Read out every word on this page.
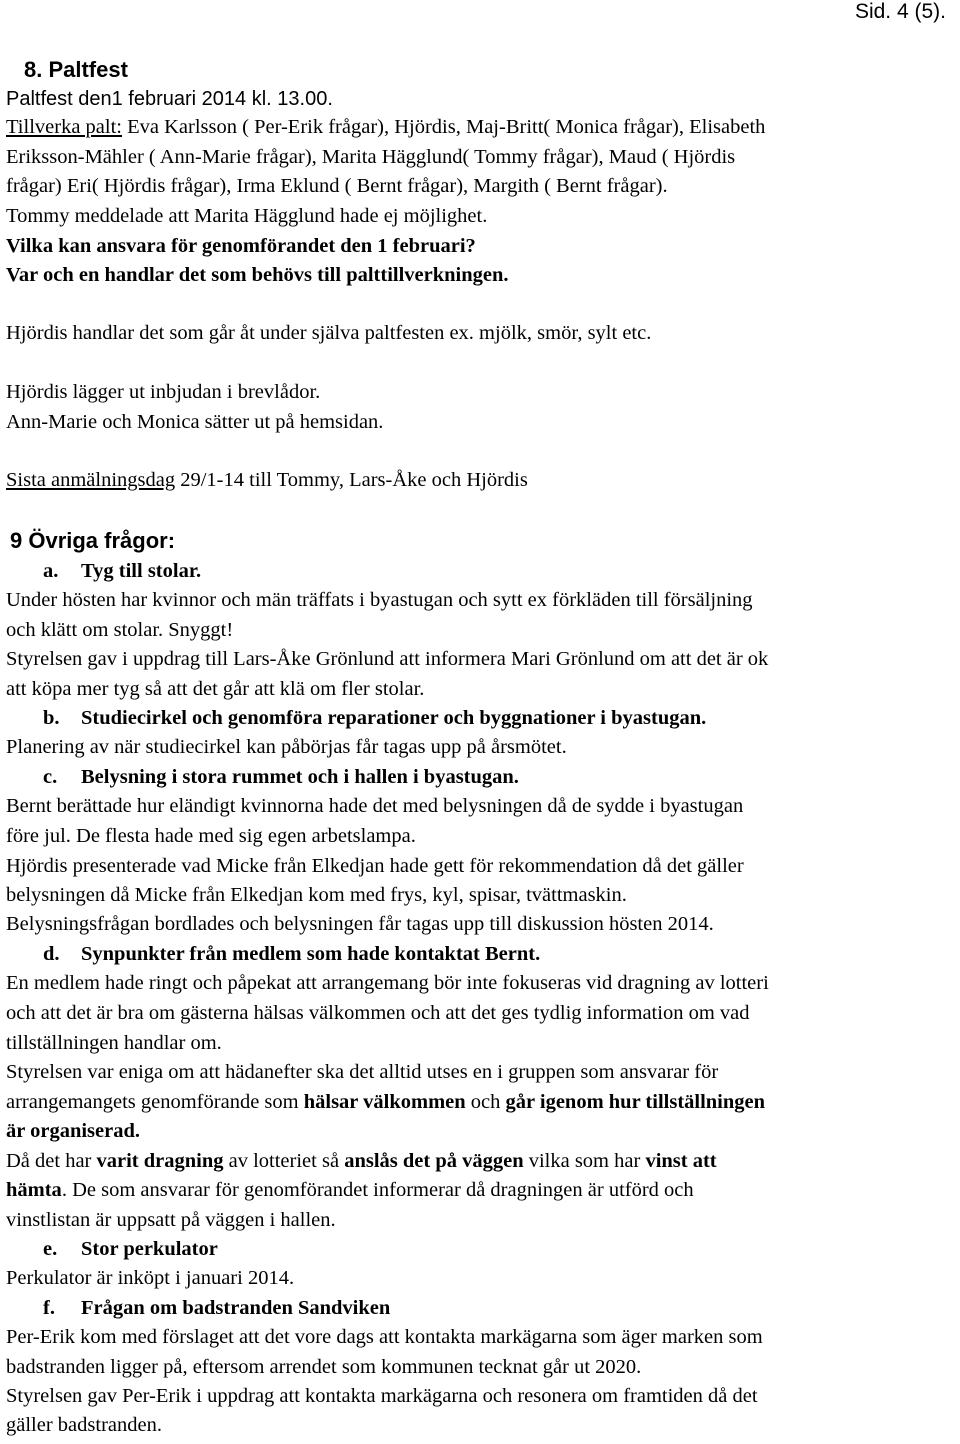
Sid. 4 (5).
8. Paltfest
Paltfest den1 februari 2014 kl. 13.00.
Tillverka palt: Eva Karlsson ( Per-Erik frågar), Hjördis, Maj-Britt( Monica frågar), Elisabeth
Eriksson-Mähler ( Ann-Marie frågar), Marita Hägglund( Tommy frågar), Maud ( Hjördis
frågar) Eri( Hjördis frågar), Irma Eklund ( Bernt frågar), Margith ( Bernt frågar).
Tommy meddelade att Marita Hägglund hade ej möjlighet.
Vilka kan ansvara för genomförandet den 1 februari?
Var och en handlar det som behövs till palttillverkningen.
Hjördis handlar det som går åt under själva paltfesten ex. mjölk, smör, sylt etc.
Hjördis lägger ut inbjudan i brevlådor.
Ann-Marie och Monica sätter ut på hemsidan.
Sista anmälningsdag 29/1-14 till Tommy, Lars-Åke och Hjördis
9 Övriga frågor:
a. Tyg till stolar.
Under hösten har kvinnor och män träffats i byastugan och sytt ex förkläden till försäljning
och klätt om stolar. Snyggt!
Styrelsen gav i uppdrag till Lars-Åke Grönlund att informera Mari Grönlund om att det är ok
att köpa mer tyg så att det går att klä om fler stolar.
b. Studiecirkel och genomföra reparationer och byggnationer i byastugan.
Planering av när studiecirkel kan påbörjas får tagas upp på årsmötet.
c. Belysning i stora rummet och i hallen i byastugan.
Bernt berättade hur eländigt kvinnorna hade det med belysningen då de sydde i byastugan
före jul. De flesta hade med sig egen arbetslampa.
Hjördis presenterade vad Micke från Elkedjan hade gett för rekommendation då det gäller
belysningen då Micke från Elkedjan kom med frys, kyl, spisar, tvättmaskin.
Belysningsfrågan bordlades och belysningen får tagas upp till diskussion hösten 2014.
d. Synpunkter från medlem som hade kontaktat Bernt.
En medlem hade ringt och påpekat att arrangemang bör inte fokuseras vid dragning av lotteri
och att det är bra om gästerna hälsas välkommen och att det ges tydlig information om vad
tillställningen handlar om.
Styrelsen var eniga om att hädanefter ska det alltid utses en i gruppen som ansvarar för
arrangemangets genomförande som hälsar välkommen och går igenom hur tillställningen
är organiserad.
Då det har varit dragning av lotteriet så anslås det på väggen vilka som har vinst att
hämta. De som ansvarar för genomförandet informerar då dragningen är utförd och
vinstlistan är uppsatt på väggen i hallen.
e. Stor perkulator
Perkulator är inköpt i januari 2014.
f. Frågan om badstranden Sandviken
Per-Erik kom med förslaget att det vore dags att kontakta markägarna som äger marken som
badstranden ligger på, eftersom arrendet som kommunen tecknat går ut 2020.
Styrelsen gav Per-Erik i uppdrag att kontakta markägarna och resonera om framtiden då det
gäller badstranden.
